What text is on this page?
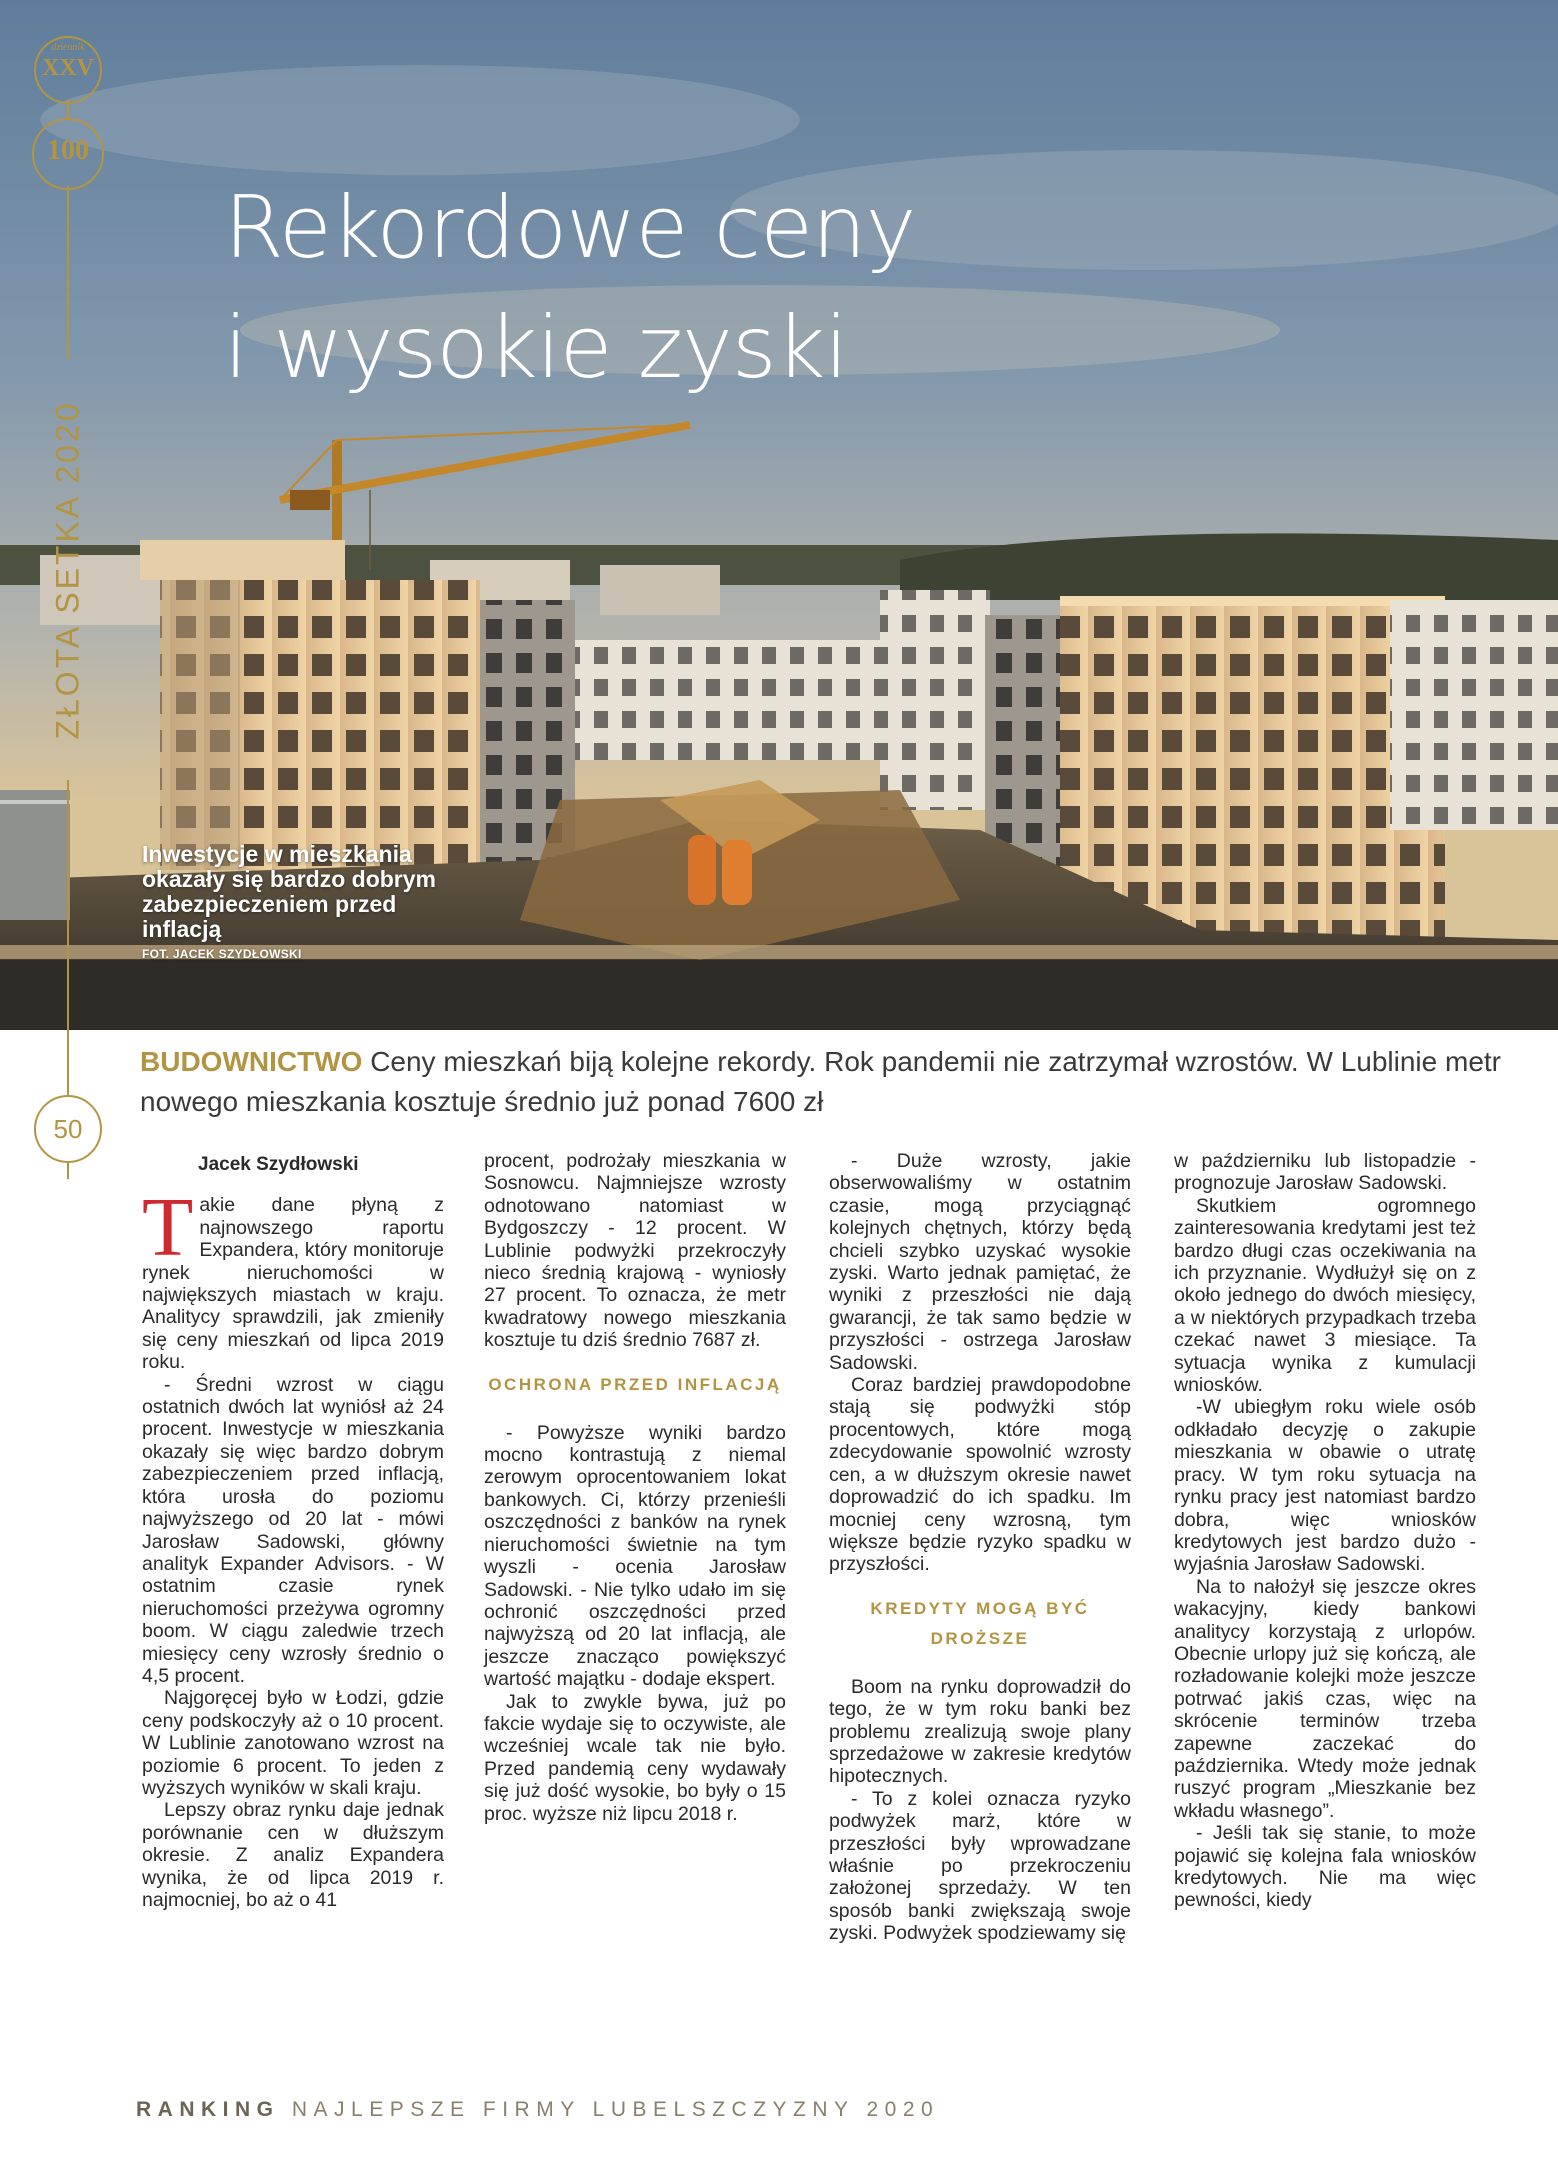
Rekordowe ceny
i wysokie zyski
Inwestycje w mieszkania okazały się bardzo dobrym zabezpieczeniem przed inflacją
FOT. JACEK SZYDŁOWSKI
dziennik
XXV
100
ZŁOTA SETKA 2020
50
BUDOWNICTWO Ceny mieszkań biją kolejne rekordy. Rok pandemii nie zatrzymał wzrostów. W Lublinie metr nowego mieszkania kosztuje średnio już ponad 7600 zł

Jacek Szydłowski

Takie dane płyną z najnowszego raportu Expandera, który monitoruje rynek nieruchomości w największych miastach w kraju. Analitycy sprawdzili, jak zmieniły się ceny mieszkań od lipca 2019 roku.

- Średni wzrost w ciągu ostatnich dwóch lat wyniósł aż 24 procent. Inwestycje w mieszkania okazały się więc bardzo dobrym zabezpieczeniem przed inflacją, która urosła do poziomu najwyższego od 20 lat - mówi Jarosław Sadowski, główny analityk Expander Advisors. - W ostatnim czasie rynek nieruchomości przeżywa ogromny boom. W ciągu zaledwie trzech miesięcy ceny wzrosły średnio o 4,5 procent.

Najgoręcej było w Łodzi, gdzie ceny podskoczyły aż o 10 procent. W Lublinie zanotowano wzrost na poziomie 6 procent. To jeden z wyższych wyników w skali kraju.

Lepszy obraz rynku daje jednak porównanie cen w dłuższym okresie. Z analiz Expandera wynika, że od lipca 2019 r. najmocniej, bo aż o 41

procent, podrożały mieszkania w Sosnowcu. Najmniejsze wzrosty odnotowano natomiast w Bydgoszczy - 12 procent. W Lublinie podwyżki przekroczyły nieco średnią krajową - wyniosły 27 procent. To oznacza, że metr kwadratowy nowego mieszkania kosztuje tu dziś średnio 7687 zł.

OCHRONA PRZED INFLACJĄ

- Powyższe wyniki bardzo mocno kontrastują z niemal zerowym oprocentowaniem lokat bankowych. Ci, którzy przenieśli oszczędności z banków na rynek nieruchomości świetnie na tym wyszli - ocenia Jarosław Sadowski. - Nie tylko udało im się ochronić oszczędności przed najwyższą od 20 lat inflacją, ale jeszcze znacząco powiększyć wartość majątku - dodaje ekspert.

Jak to zwykle bywa, już po fakcie wydaje się to oczywiste, ale wcześniej wcale tak nie było. Przed pandemią ceny wydawały się już dość wysokie, bo były o 15 proc. wyższe niż lipcu 2018 r.

- Duże wzrosty, jakie obserwowaliśmy w ostatnim czasie, mogą przyciągnąć kolejnych chętnych, którzy będą chcieli szybko uzyskać wysokie zyski. Warto jednak pamiętać, że wyniki z przeszłości nie dają gwarancji, że tak samo będzie w przyszłości - ostrzega Jarosław Sadowski.

Coraz bardziej prawdopodobne stają się podwyżki stóp procentowych, które mogą zdecydowanie spowolnić wzrosty cen, a w dłuższym okresie nawet doprowadzić do ich spadku. Im mocniej ceny wzrosną, tym większe będzie ryzyko spadku w przyszłości.

KREDYTY MOGĄ BYĆ DROŻSZE

Boom na rynku doprowadził do tego, że w tym roku banki bez problemu zrealizują swoje plany sprzedażowe w zakresie kredytów hipotecznych.

- To z kolei oznacza ryzyko podwyżek marż, które w przeszłości były wprowadzane właśnie po przekroczeniu założonej sprzedaży. W ten sposób banki zwiększają swoje zyski. Podwyżek spodziewamy się

w październiku lub listopadzie - prognozuje Jarosław Sadowski.

Skutkiem ogromnego zainteresowania kredytami jest też bardzo długi czas oczekiwania na ich przyznanie. Wydłużył się on z około jednego do dwóch miesięcy, a w niektórych przypadkach trzeba czekać nawet 3 miesiące. Ta sytuacja wynika z kumulacji wniosków.

-W ubiegłym roku wiele osób odkładało decyzję o zakupie mieszkania w obawie o utratę pracy. W tym roku sytuacja na rynku pracy jest natomiast bardzo dobra, więc wniosków kredytowych jest bardzo dużo - wyjaśnia Jarosław Sadowski.

Na to nałożył się jeszcze okres wakacyjny, kiedy bankowi analitycy korzystają z urlopów. Obecnie urlopy już się kończą, ale rozładowanie kolejki może jeszcze potrwać jakiś czas, więc na skrócenie terminów trzeba zapewne zaczekać do października. Wtedy może jednak ruszyć program „Mieszkanie bez wkładu własnego”.

- Jeśli tak się stanie, to może pojawić się kolejna fala wniosków kredytowych. Nie ma więc pewności, kiedy

RANKING NAJLEPSZE FIRMY LUBELSZCZYZNY 2020
